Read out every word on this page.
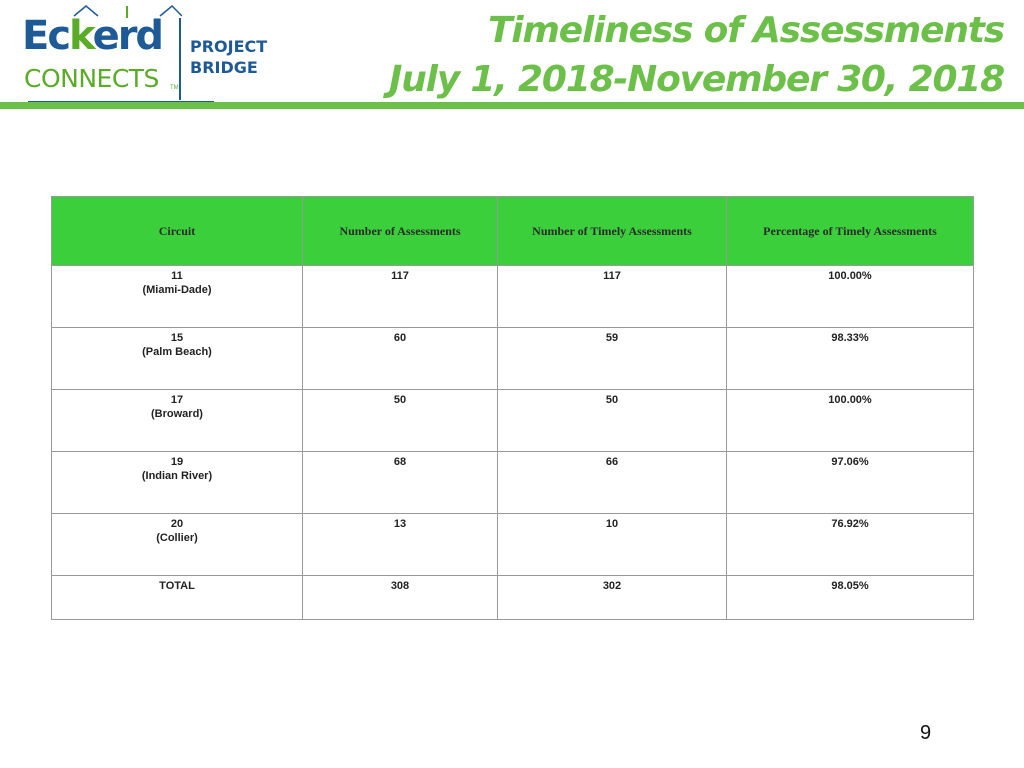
Eckerd
CONNECTS TM
PROJECT
BRIDGE
Timeliness of Assessments
July 1, 2018-November 30, 2018
Circuit	Number of Assessments	Number of Timely Assessments	Percentage of Timely Assessments

11
(Miami-Dade)	117	117	100.00%

15
(Palm Beach)	60	59	98.33%

17
(Broward)	50	50	100.00%

19
(Indian River)	68	66	97.06%

20
(Collier)	13	10	76.92%
TOTAL	308	302	98.05%
9
